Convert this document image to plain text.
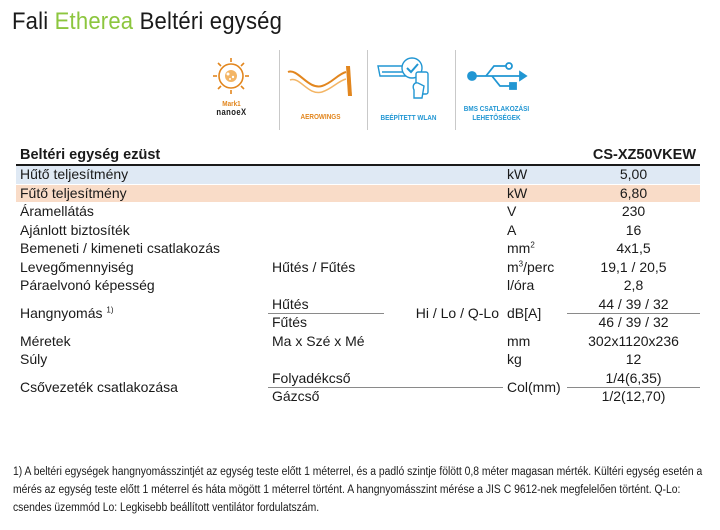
Fali Etherea Beltéri egység
Mark1
nanoeX	AEROWINGS	BEÉPÍTETT WLAN
BMS CSATLAKOZÁSI
LEHETŐSÉGEK
Beltéri egység ezüst			CS-XZ50VKEW	
Hűtő teljesítmény			kW	5,00
Fűtő teljesítmény			kW	6,80
Áramellátás			V	230
Ajánlott biztosíték			A	16
Bemeneti / kimeneti csatlakozás			$mm^2$	4x1,5
Levegőmennyiség	Hűtés / Fűtés		$m^3$/perc	19,1 / 20,5
Páraelvonó képesség			l/óra	2,8
Hangnyomás $^{1)}$	Hűtés	Hi / Lo / Q-Lo	dB[A]	44 / 39 / 32
	Fűtés			46 / 39 / 32
Méretek	Ma x Szé x Mé		mm	302x1120x236
Súly			kg	12
Csővezeték csatlakozása	Folyadékcső		Col(mm)	1/4(6,35)
	Gázcső			1/2(12,70)
1) A beltéri egységek hangnyomásszintjét az egység teste előtt 1 méterrel, és a padló szintje fölött 0,8 méter magasan mérték. Kültéri egység esetén a mérés az egység teste előtt 1 méterrel és háta mögött 1 méterrel történt. A hangnyomásszint mérése a JIS C 9612-nek megfelelően történt. Q-Lo: csendes üzemmód Lo: Legkisebb beállított ventilátor fordulatszám.
